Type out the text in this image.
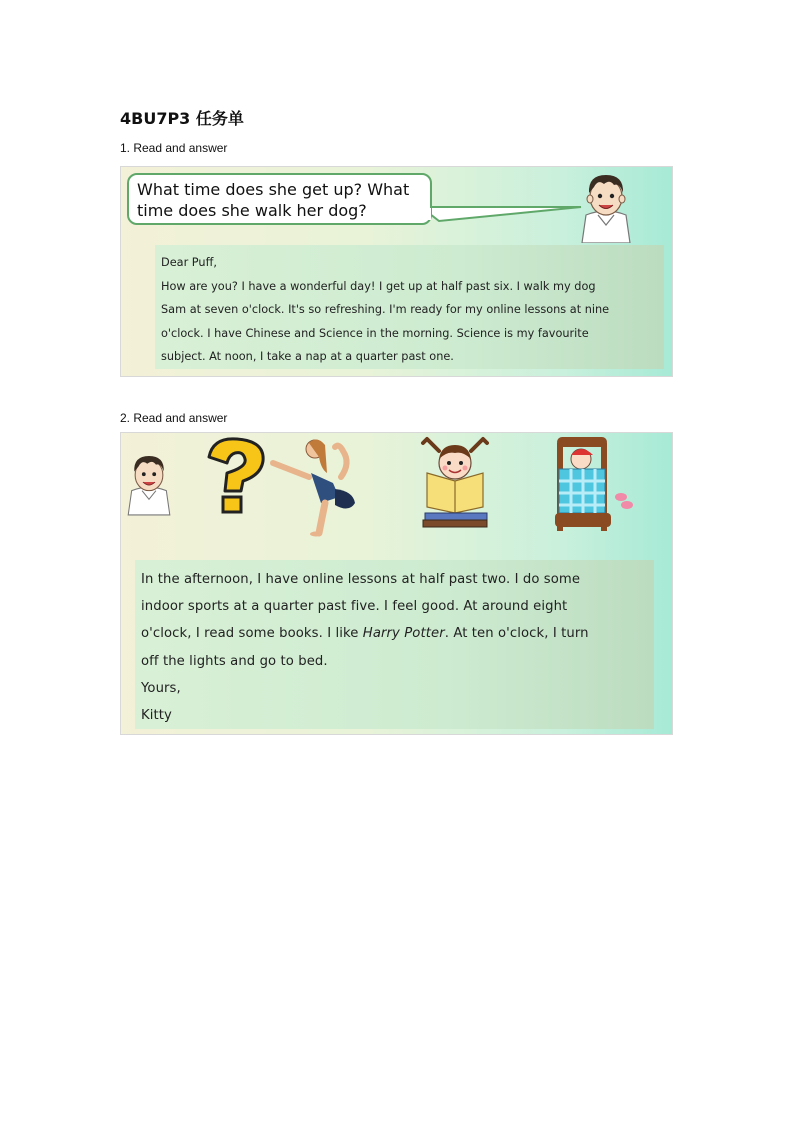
4BU7P3 任务单
1. Read and answer
What time does she get up? What
time does she walk her dog?
Dear Puff,
How are you? I have a wonderful day! I get up at half past six. I walk my dog
Sam at seven o'clock. It's so refreshing. I'm ready for my online lessons at nine
o'clock. I have Chinese and Science in the morning. Science is my favourite
subject. At noon, I take a nap at a quarter past one.
2. Read and answer
In the afternoon, I have online lessons at half past two. I do some
indoor sports at a quarter past five. I feel good. At around eight
o'clock, I read some books. I like Harry Potter. At ten o'clock, I turn
off the lights and go to bed.
Yours,
Kitty
